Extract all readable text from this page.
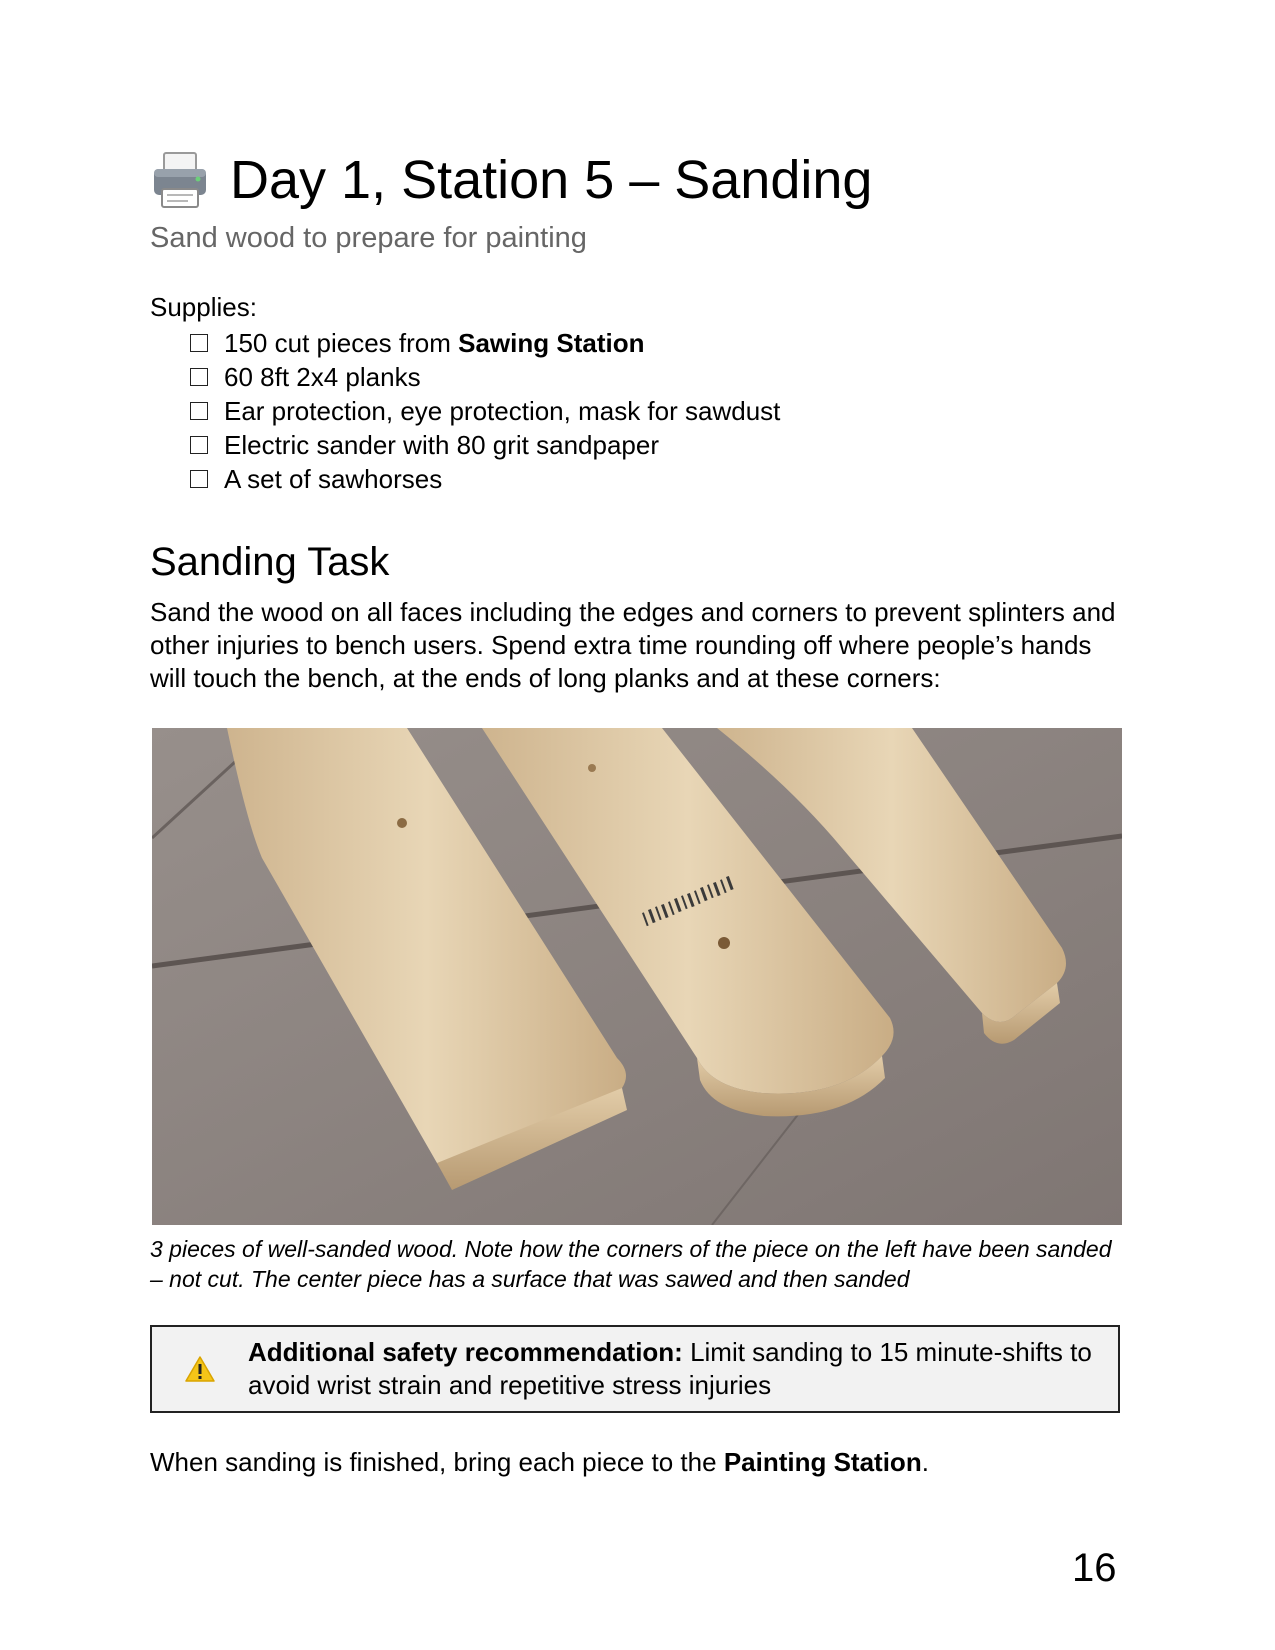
Day 1, Station 5 – Sanding
Sand wood to prepare for painting
Supplies:
150 cut pieces from Sawing Station
60 8ft 2x4 planks
Ear protection, eye protection, mask for sawdust
Electric sander with 80 grit sandpaper
A set of sawhorses
Sanding Task

Sand the wood on all faces including the edges and corners to prevent splinters and other injuries to bench users. Spend extra time rounding off where people’s hands will touch the bench, at the ends of long planks and at these corners:

3 pieces of well-sanded wood. Note how the corners of the piece on the left have been sanded – not cut. The center piece has a surface that was sawed and then sanded

Additional safety recommendation: Limit sanding to 15 minute-shifts to avoid wrist strain and repetitive stress injuries

When sanding is finished, bring each piece to the Painting Station.

16
